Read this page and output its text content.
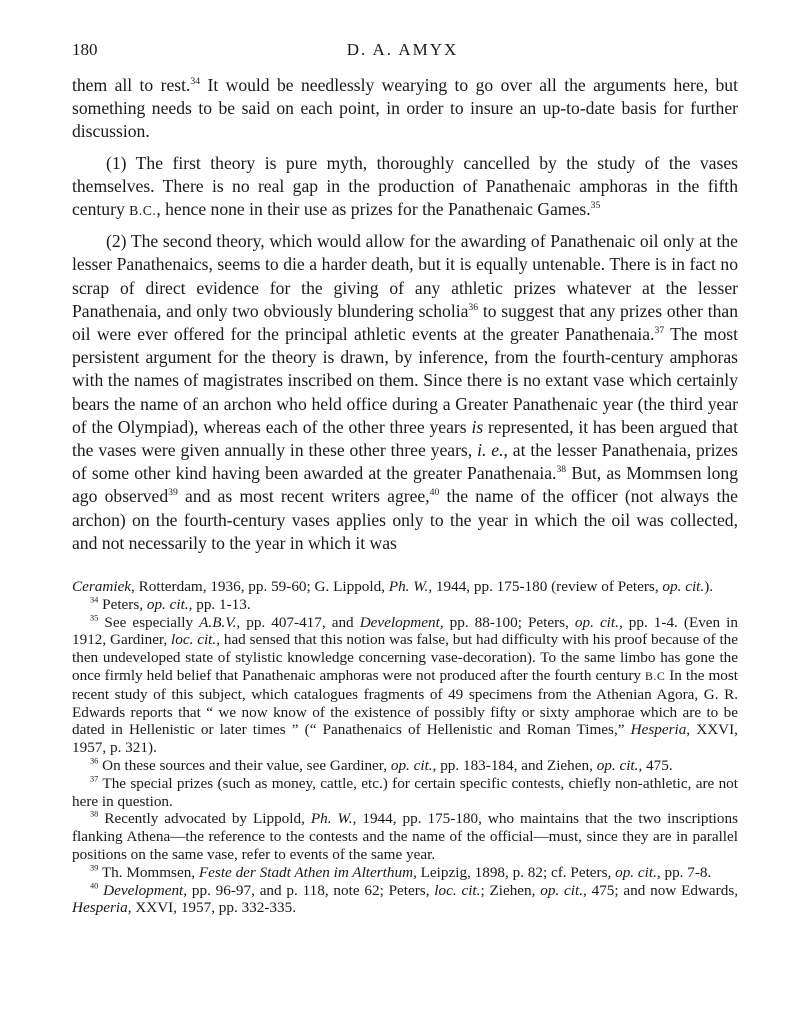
180	D. A. AMYX

them all to rest.$^{34}$ It would be needlessly wearying to go over all the arguments here, but something needs to be said on each point, in order to insure an up-to-date basis for further discussion.

(1) The first theory is pure myth, thoroughly cancelled by the study of the vases themselves. There is no real gap in the production of Panathenaic amphoras in the fifth century B.C., hence none in their use as prizes for the Panathenaic Games.$^{35}$

(2) The second theory, which would allow for the awarding of Panathenaic oil only at the lesser Panathenaics, seems to die a harder death, but it is equally untenable. There is in fact no scrap of direct evidence for the giving of any athletic prizes whatever at the lesser Panathenaia, and only two obviously blundering scholia$^{36}$ to suggest that any prizes other than oil were ever offered for the principal athletic events at the greater Panathenaia.$^{37}$ The most persistent argument for the theory is drawn, by inference, from the fourth-century amphoras with the names of magistrates inscribed on them. Since there is no extant vase which certainly bears the name of an archon who held office during a Greater Panathenaic year (the third year of the Olympiad), whereas each of the other three years is represented, it has been argued that the vases were given annually in these other three years, i. e., at the lesser Panathenaia, prizes of some other kind having been awarded at the greater Panathenaia.$^{38}$ But, as Mommsen long ago observed$^{39}$ and as most recent writers agree,$^{40}$ the name of the officer (not always the archon) on the fourth-century vases applies only to the year in which the oil was collected, and not necessarily to the year in which it was

Ceramiek, Rotterdam, 1936, pp. 59-60; G. Lippold, Ph. W., 1944, pp. 175-180 (review of Peters, op. cit.).

$^{34}$ Peters, op. cit., pp. 1-13.

$^{35}$ See especially A.B.V., pp. 407-417, and Development, pp. 88-100; Peters, op. cit., pp. 1-4. (Even in 1912, Gardiner, loc. cit., had sensed that this notion was false, but had difficulty with his proof because of the then undeveloped state of stylistic knowledge concerning vase-decoration). To the same limbo has gone the once firmly held belief that Panathenaic amphoras were not produced after the fourth century B.C In the most recent study of this subject, which catalogues fragments of 49 specimens from the Athenian Agora, G. R. Edwards reports that “ we now know of the existence of possibly fifty or sixty amphorae which are to be dated in Hellenistic or later times ” (“ Panathenaics of Hellenistic and Roman Times,” Hesperia, XXVI, 1957, p. 321).

$^{36}$ On these sources and their value, see Gardiner, op. cit., pp. 183-184, and Ziehen, op. cit., 475.

$^{37}$ The special prizes (such as money, cattle, etc.) for certain specific contests, chiefly non-athletic, are not here in question.

$^{38}$ Recently advocated by Lippold, Ph. W., 1944, pp. 175-180, who maintains that the two inscriptions flanking Athena—the reference to the contests and the name of the official—must, since they are in parallel positions on the same vase, refer to events of the same year.

$^{39}$ Th. Mommsen, Feste der Stadt Athen im Alterthum, Leipzig, 1898, p. 82; cf. Peters, op. cit., pp. 7-8.

$^{40}$ Development, pp. 96-97, and p. 118, note 62; Peters, loc. cit.; Ziehen, op. cit., 475; and now Edwards, Hesperia, XXVI, 1957, pp. 332-335.
